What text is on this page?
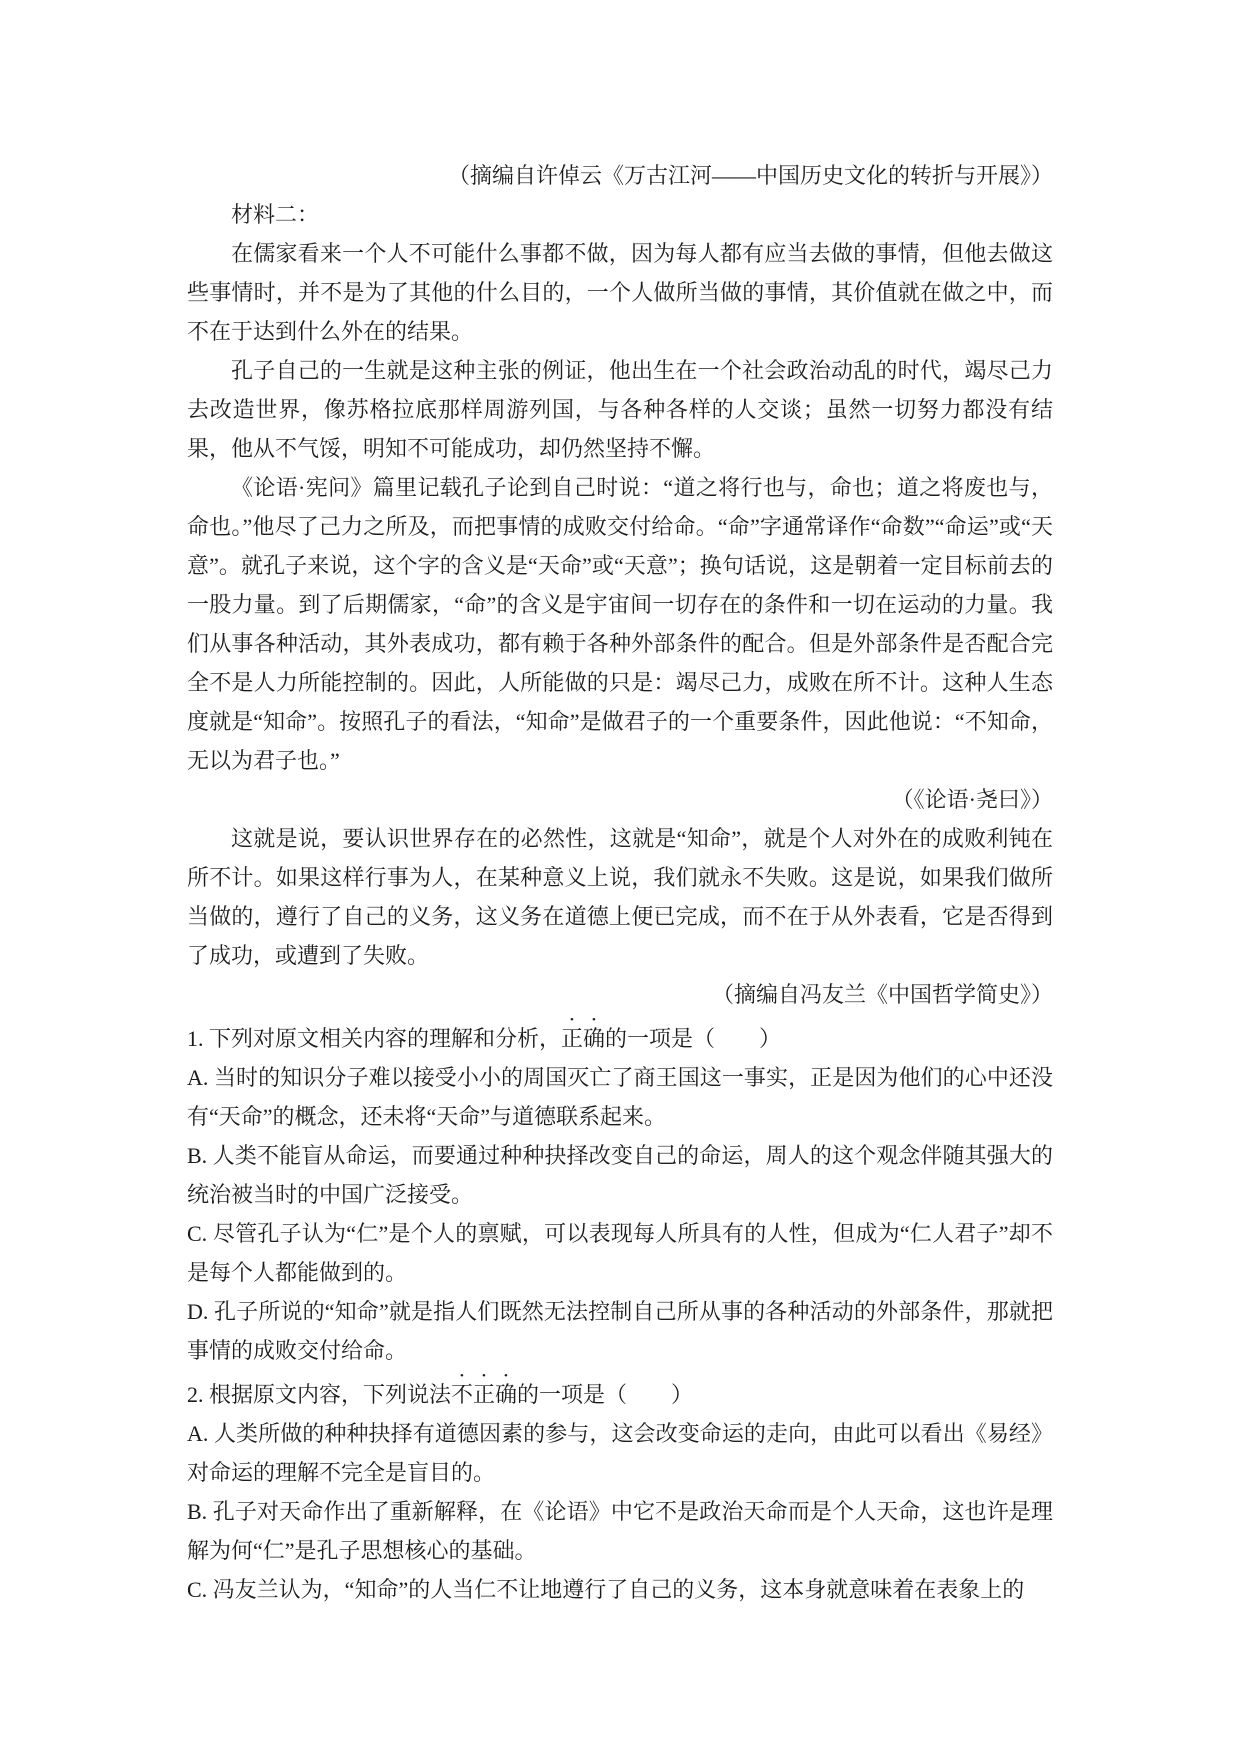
（摘编自许倬云《万古江河——中国历史文化的转折与开展》）

材料二：

在儒家看来一个人不可能什么事都不做，因为每人都有应当去做的事情，但他去做这些事情时，并不是为了其他的什么目的，一个人做所当做的事情，其价值就在做之中，而不在于达到什么外在的结果。

孔子自己的一生就是这种主张的例证，他出生在一个社会政治动乱的时代，竭尽己力去改造世界，像苏格拉底那样周游列国，与各种各样的人交谈；虽然一切努力都没有结果，他从不气馁，明知不可能成功，却仍然坚持不懈。

《论语·宪问》篇里记载孔子论到自己时说：“道之将行也与，命也；道之将废也与，命也。”他尽了己力之所及，而把事情的成败交付给命。“命”字通常译作“命数”“命运”或“天意”。就孔子来说，这个字的含义是“天命”或“天意”；换句话说，这是朝着一定目标前去的一股力量。到了后期儒家，“命”的含义是宇宙间一切存在的条件和一切在运动的力量。我们从事各种活动，其外表成功，都有赖于各种外部条件的配合。但是外部条件是否配合完全不是人力所能控制的。因此，人所能做的只是：竭尽己力，成败在所不计。这种人生态度就是“知命”。按照孔子的看法，“知命”是做君子的一个重要条件，因此他说：“不知命，无以为君子也。”

（《论语·尧曰》）

这就是说，要认识世界存在的必然性，这就是“知命”，就是个人对外在的成败利钝在所不计。如果这样行事为人，在某种意义上说，我们就永不失败。这是说，如果我们做所当做的，遵行了自己的义务，这义务在道德上便已完成，而不在于从外表看，它是否得到了成功，或遭到了失败。

（摘编自冯友兰《中国哲学简史》）

1. 下列对原文相关内容的理解和分析，正确的一项是（　　）

A. 当时的知识分子难以接受小小的周国灭亡了商王国这一事实，正是因为他们的心中还没有“天命”的概念，还未将“天命”与道德联系起来。

B. 人类不能盲从命运，而要通过种种抉择改变自己的命运，周人的这个观念伴随其强大的统治被当时的中国广泛接受。

C. 尽管孔子认为“仁”是个人的禀赋，可以表现每人所具有的人性，但成为“仁人君子”却不是每个人都能做到的。

D. 孔子所说的“知命”就是指人们既然无法控制自己所从事的各种活动的外部条件，那就把事情的成败交付给命。

2. 根据原文内容，下列说法不正确的一项是（　　）

A. 人类所做的种种抉择有道德因素的参与，这会改变命运的走向，由此可以看出《易经》对命运的理解不完全是盲目的。

B. 孔子对天命作出了重新解释，在《论语》中它不是政治天命而是个人天命，这也许是理解为何“仁”是孔子思想核心的基础。

C. 冯友兰认为，“知命”的人当仁不让地遵行了自己的义务，这本身就意味着在表象上的
